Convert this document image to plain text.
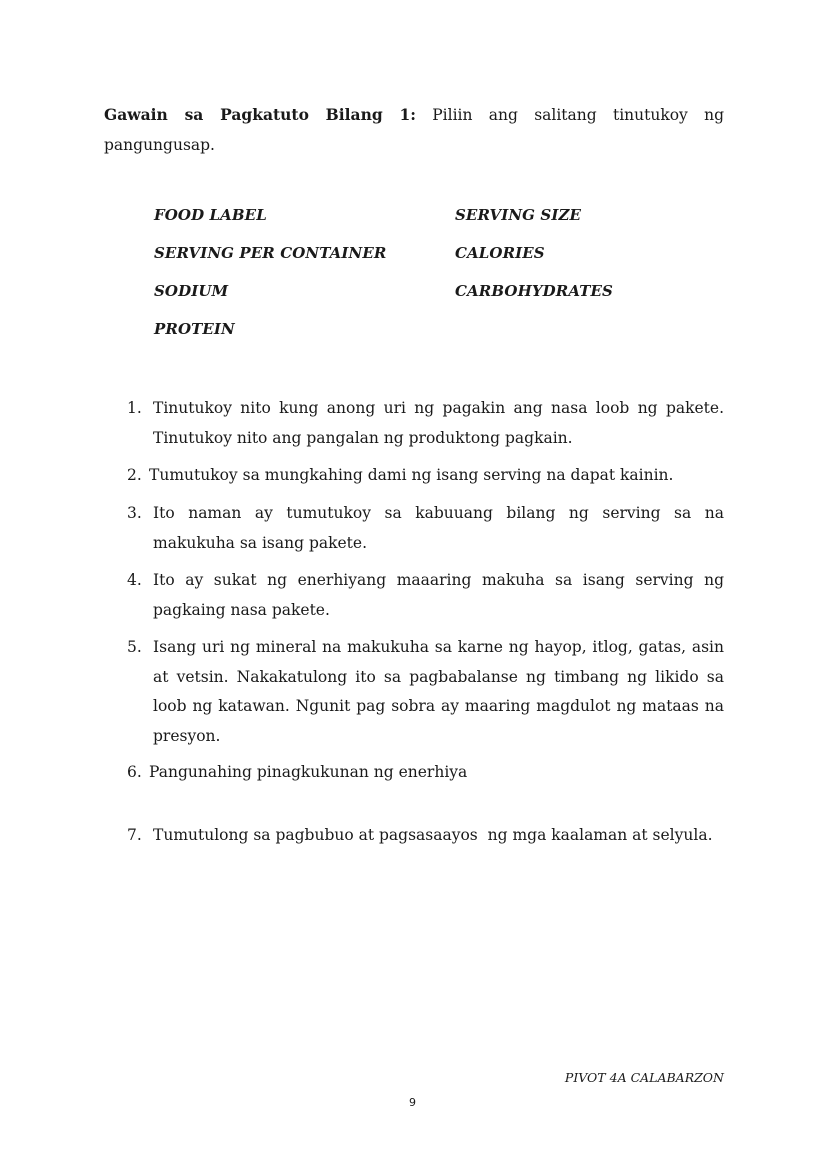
Gawain sa Pagkatuto Bilang 1: Piliin ang salitang tinutukoy ng
pangungusap.
FOOD LABEL	SERVING SIZE
SERVING PER CONTAINER	CALORIES
SODIUM	CARBOHYDRATES
PROTEIN
1. Tinutukoy nito kung anong uri ng pagakin ang nasa loob ng pakete. Tinutukoy nito ang pangalan ng produktong pagkain.
2. Tumutukoy sa mungkahing dami ng isang serving na dapat kainin.
3. Ito naman ay tumutukoy sa kabuuang bilang ng serving sa na makukuha sa isang pakete.
4. Ito ay sukat ng enerhiyang maaaring makuha sa isang serving ng pagkaing nasa pakete.
5. Isang uri ng mineral na makukuha sa karne ng hayop, itlog, gatas, asin at vetsin. Nakakatulong ito sa pagbabalanse ng timbang ng likido sa loob ng katawan. Ngunit pag sobra ay maaring magdulot ng mataas na presyon.
6. Pangunahing pinagkukunan ng enerhiya
7. Tumutulong sa pagbubuo at pagsasaayos  ng mga kaalaman at selyula.
PIVOT 4A CALABARZON
9
